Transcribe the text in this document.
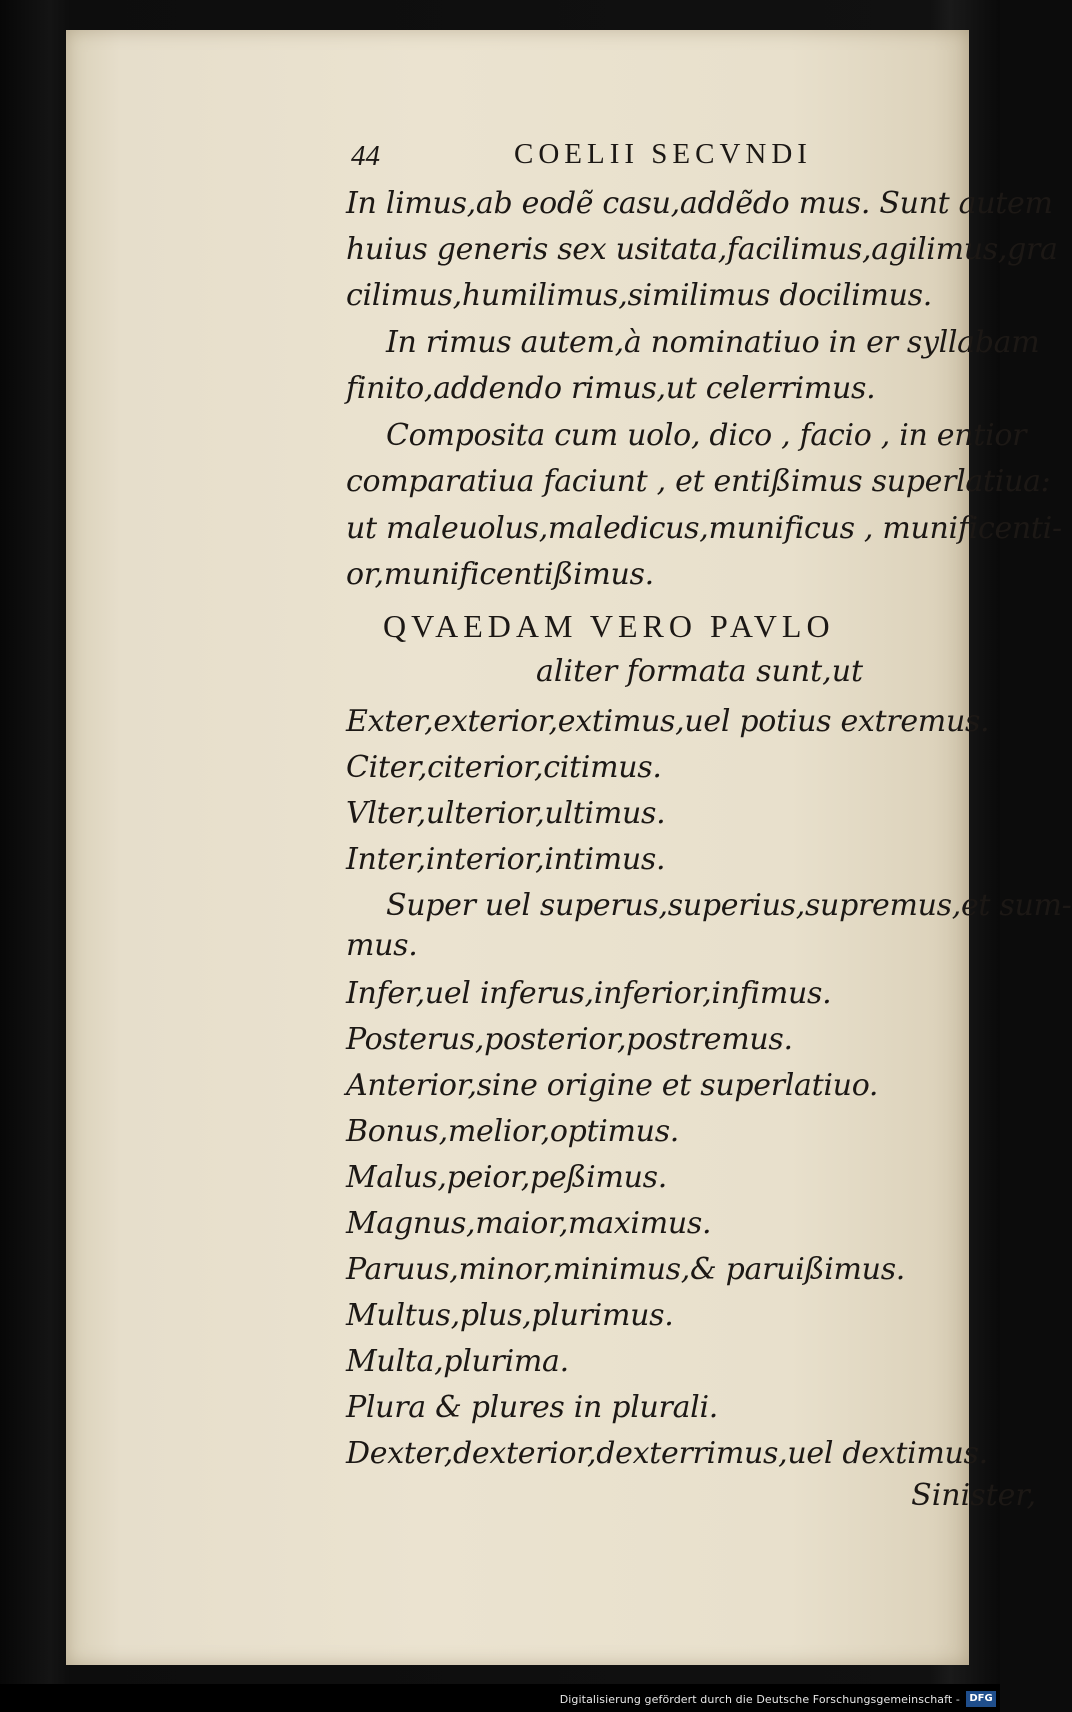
44	COELII SECVNDI
In limus,ab eodẽ casu,addẽdo mus. Sunt autem
huius generis sex usitata,facilimus,agilimus,gra
cilimus,humilimus,similimus docilimus.
In rimus autem,à nominatiuo in er syllabam
finito,addendo rimus,ut celerrimus.
Composita cum uolo, dico , facio , in entior
comparatiua faciunt , et entißimus superlatiua:
ut maleuolus,maledicus,munificus , munificenti-
or,munificentißimus.
QVAEDAM VERO PAVLO
aliter formata sunt,ut
Exter,exterior,extimus,uel potius extremus.
Citer,citerior,citimus.
Vlter,ulterior,ultimus.
Inter,interior,intimus.
Super uel superus,superius,supremus,et sum-
mus.
Infer,uel inferus,inferior,infimus.
Posterus,posterior,postremus.
Anterior,sine origine et superlatiuo.
Bonus,melior,optimus.
Malus,peior,peßimus.
Magnus,maior,maximus.
Paruus,minor,minimus,& paruißimus.
Multus,plus,plurimus.
Multa,plurima.
Plura & plures in plurali.
Dexter,dexterior,dexterrimus,uel dextimus.
Sinister,
Digitalisierung gefördert durch die Deutsche Forschungsgemeinschaft - DFG
